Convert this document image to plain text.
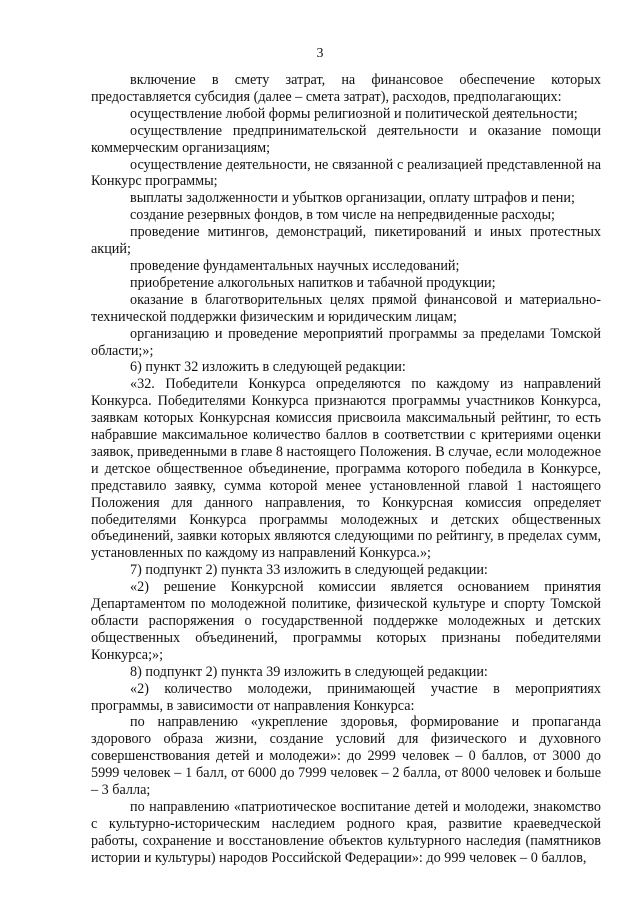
3

включение в смету затрат, на финансовое обеспечение которых предоставляется субсидия (далее – смета затрат), расходов, предполагающих:

осуществление любой формы религиозной и политической деятельности;

осуществление предпринимательской деятельности и оказание помощи коммерческим организациям;

осуществление деятельности, не связанной с реализацией представленной на Конкурс программы;

выплаты задолженности и убытков организации, оплату штрафов и пени;

создание резервных фондов, в том числе на непредвиденные расходы;

проведение митингов, демонстраций, пикетирований и иных протестных акций;

проведение фундаментальных научных исследований;

приобретение алкогольных напитков и табачной продукции;

оказание в благотворительных целях прямой финансовой и материально-технической поддержки физическим и юридическим лицам;

организацию и проведение мероприятий программы за пределами Томской области;»;

6) пункт 32 изложить в следующей редакции:

«32. Победители Конкурса определяются по каждому из направлений Конкурса. Победителями Конкурса признаются программы участников Конкурса, заявкам которых Конкурсная комиссия присвоила максимальный рейтинг, то есть набравшие максимальное количество баллов в соответствии с критериями оценки заявок, приведенными в главе 8 настоящего Положения. В случае, если молодежное и детское общественное объединение, программа которого победила в Конкурсе, представило заявку, сумма которой менее установленной главой 1 настоящего Положения для данного направления, то Конкурсная комиссия определяет победителями Конкурса программы молодежных и детских общественных объединений, заявки которых являются следующими по рейтингу, в пределах сумм, установленных по каждому из направлений Конкурса.»;

7) подпункт 2) пункта 33 изложить в следующей редакции:

«2) решение Конкурсной комиссии является основанием принятия Департаментом по молодежной политике, физической культуре и спорту Томской области распоряжения о государственной поддержке молодежных и детских общественных объединений, программы которых признаны победителями Конкурса;»;

8) подпункт 2) пункта 39 изложить в следующей редакции:

«2) количество молодежи, принимающей участие в мероприятиях программы, в зависимости от направления Конкурса:

по направлению «укрепление здоровья, формирование и пропаганда здорового образа жизни, создание условий для физического и духовного совершенствования детей и молодежи»: до 2999 человек – 0 баллов, от 3000 до 5999 человек – 1 балл, от 6000 до 7999 человек – 2 балла, от 8000 человек и больше – 3 балла;

по направлению «патриотическое воспитание детей и молодежи, знакомство с культурно-историческим наследием родного края, развитие краеведческой работы, сохранение и восстановление объектов культурного наследия (памятников истории и культуры) народов Российской Федерации»: до 999 человек – 0 баллов,
